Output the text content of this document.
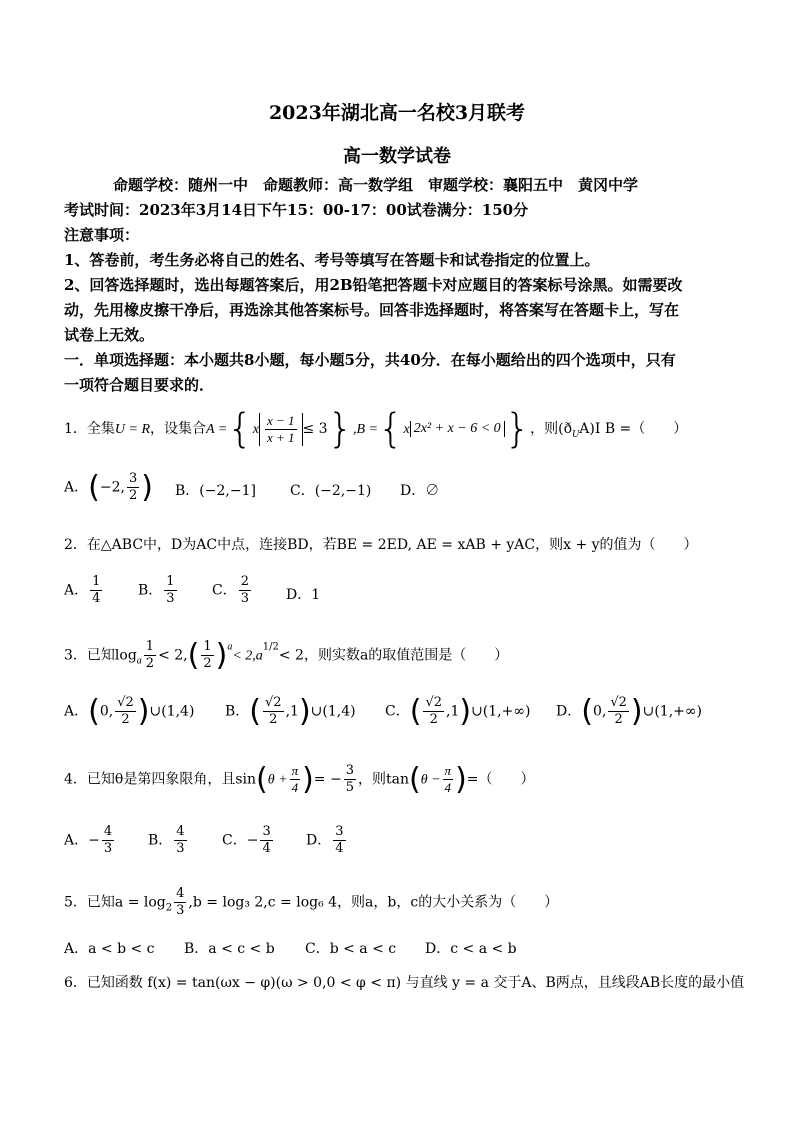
2023年湖北高一名校3月联考
高一数学试卷
命题学校：随州一中　命题教师：高一数学组　审题学校：襄阳五中　黄冈中学
考试时间：2023年3月14日下午15：00-17：00试卷满分：150分
注意事项：
1、答卷前，考生务必将自己的姓名、考号等填写在答题卡和试卷指定的位置上。
2、回答选择题时，选出每题答案后，用2B铅笔把答题卡对应题目的答案标号涂黑。如需要改
动，先用橡皮擦干净后，再选涂其他答案标号。回答非选择题时，将答案写在答题卡上，写在
试卷上无效。
一．单项选择题：本小题共8小题，每小题5分，共40分．在每小题给出的四个选项中，只有
一项符合题目要求的．
1．全集U = R，设集合$A =\{x \frac{x - 1}{x + 1} \le 3\},B =\{x$ 2x² + x − 6 < 0 }，则$(ð_UA)I$ B =（　　）
A．(−2, $\frac{3}{2}$ ) B．(−2,−1] C．(−2,−1) D．∅
2．在△ABC中，D为AC中点，连接BD，若BE = 2ED, AE = xAB + yAC，则x + y的值为（　　）
A． $\frac{1}{4}$	B． $\frac{1}{3}$	C． $\frac{2}{3}$	D．1
3．已知$\log_a \frac{1}{2} < 2,( \frac{1}{2} )^a< 2,a^{1/2}< 2$，则实数a的取值范围是（　　）
A．(0, $\frac{√2}{2}$ )∪(1,4) B．( $\frac{√2}{2}$ ,1)∪(1,4) C．( $\frac{√2}{2}$ ,1)∪(1,+∞) D．(0, $\frac{√2}{2}$ )∪(1,+∞)
4．已知θ是第四象限角，且$\sin(\theta + \frac{\pi}{4}$ )= − $\frac{3}{5}$ ，则$\tan(\theta - \frac{\pi}{4}$ )=（　　）
A．− $\frac{4}{3}$ B． $\frac{4}{3}$	C．− $\frac{3}{4}$ D． $\frac{3}{4}$
5．已知$a = \log_2 \frac{4}{3} ,b = \log_3$ 2,c = log₆ 4，则a，b，c的大小关系为（　　）
A．a < b < c B．a < c < b C．b < a < c D．c < a < b
6．已知函数 f(x) = tan(ωx − φ)(ω > 0,0 < φ < π) 与直线 y = a 交于A、B两点，且线段AB长度的最小值
